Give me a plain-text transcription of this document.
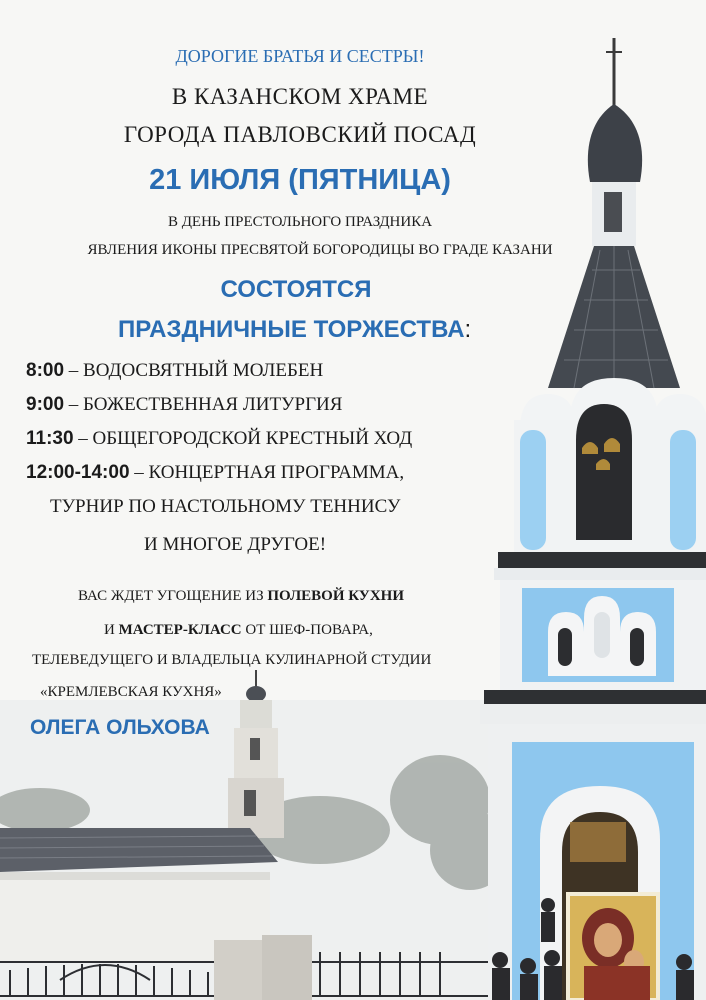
ДОРОГИЕ БРАТЬЯ И СЕСТРЫ!
В КАЗАНСКОМ ХРАМЕ
ГОРОДА ПАВЛОВСКИЙ ПОСАД
21 ИЮЛЯ (ПЯТНИЦА)
В ДЕНЬ ПРЕСТОЛЬНОГО ПРАЗДНИКА
ЯВЛЕНИЯ ИКОНЫ ПРЕСВЯТОЙ БОГОРОДИЦЫ ВО ГРАДЕ КАЗАНИ
СОСТОЯТСЯ
ПРАЗДНИЧНЫЕ ТОРЖЕСТВА:
8:00 – ВОДОСВЯТНЫЙ МОЛЕБЕН
9:00 – БОЖЕСТВЕННАЯ ЛИТУРГИЯ
11:30 – ОБЩЕГОРОДСКОЙ КРЕСТНЫЙ ХОД
12:00-14:00 – КОНЦЕРТНАЯ ПРОГРАММА,
ТУРНИР ПО НАСТОЛЬНОМУ ТЕННИСУ
И МНОГОЕ ДРУГОЕ!
ВАС ЖДЕТ УГОЩЕНИЕ ИЗ ПОЛЕВОЙ КУХНИ
И МАСТЕР-КЛАСС ОТ ШЕФ-ПОВАРА,
ТЕЛЕВЕДУЩЕГО И ВЛАДЕЛЬЦА КУЛИНАРНОЙ СТУДИИ
«КРЕМЛЕВСКАЯ КУХНЯ»
ОЛЕГА ОЛЬХОВА
